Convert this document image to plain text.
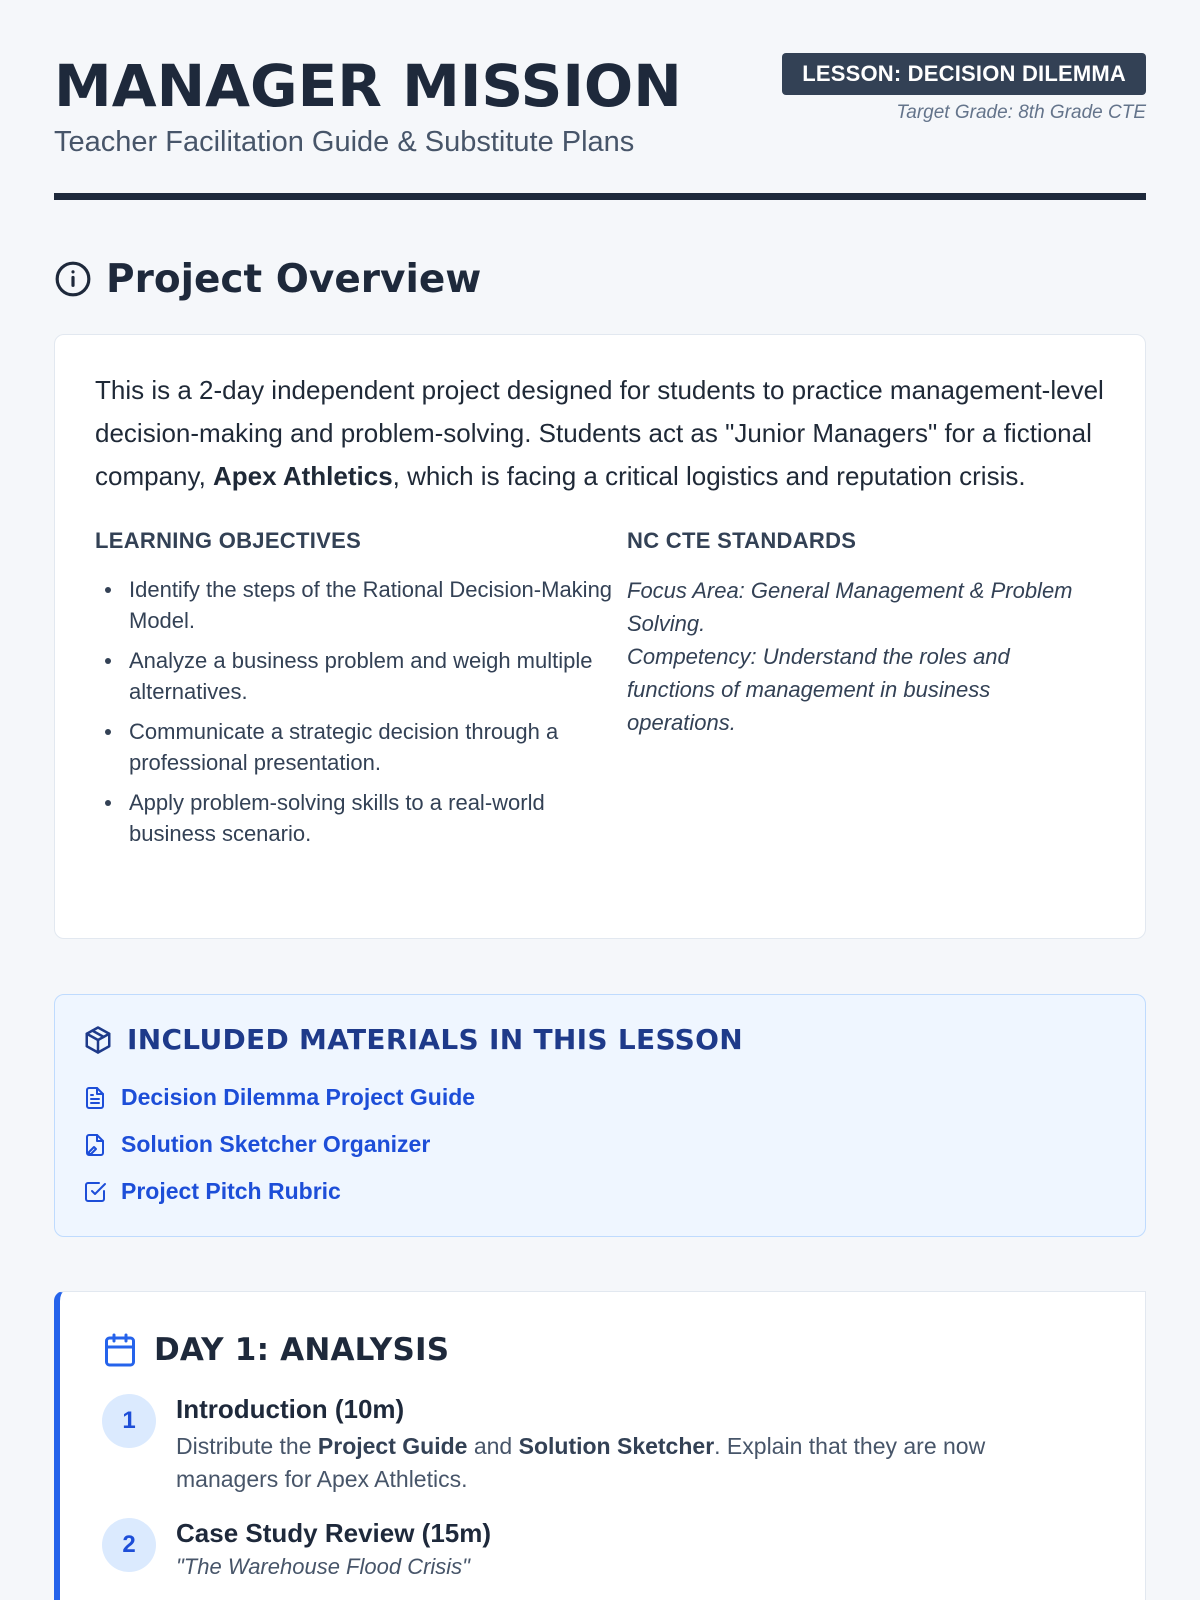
MANAGER MISSION
Teacher Facilitation Guide & Substitute Plans
LESSON: DECISION DILEMMA
Target Grade: 8th Grade CTE
Project Overview

This is a 2-day independent project designed for students to practice management-level decision-making and problem-solving. Students act as "Junior Managers" for a fictional company, Apex Athletics, which is facing a critical logistics and reputation crisis.

LEARNING OBJECTIVES
Identify the steps of the Rational Decision-Making Model.
Analyze a business problem and weigh multiple alternatives.
Communicate a strategic decision through a professional presentation.
Apply problem-solving skills to a real-world business scenario.
NC CTE STANDARDS
Focus Area: General Management & Problem Solving.
Competency: Understand the roles and functions of management in business operations.
INCLUDED MATERIALS IN THIS LESSON
Decision Dilemma Project Guide
Solution Sketcher Organizer
Project Pitch Rubric
DAY 1: ANALYSIS
1	Introduction (10m)
Distribute the Project Guide and Solution Sketcher. Explain that they are now managers for Apex Athletics.
2	Case Study Review (15m)
"The Warehouse Flood Crisis"
